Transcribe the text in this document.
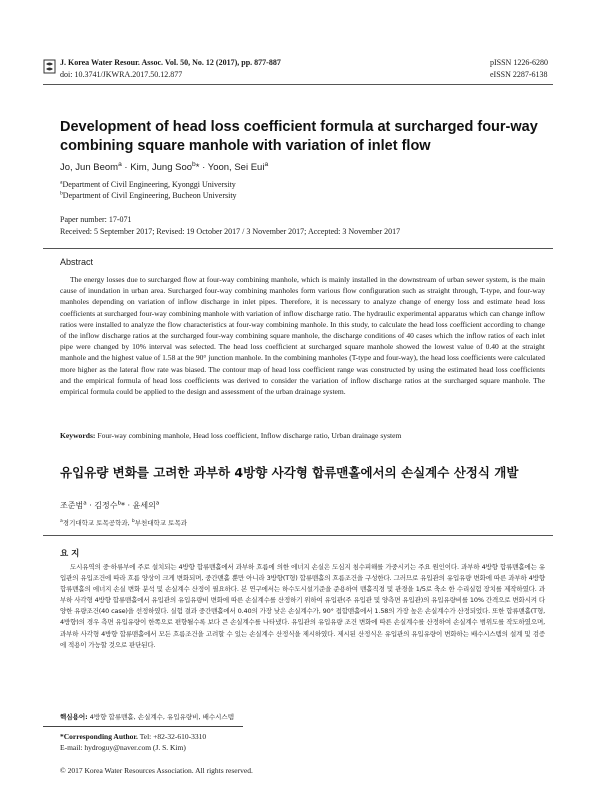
J. Korea Water Resour. Assoc. Vol. 50, No. 12 (2017), pp. 877-887
doi: 10.3741/JKWRA.2017.50.12.877
pISSN 1226-6280
eISSN 2287-6138
Development of head loss coefficient formula at surcharged four-way combining square manhole with variation of inlet flow
Jo, Jun Beom$^a$ · Kim, Jung Soo$^b$* · Yoon, Sei Eui$^a$
$^a$Department of Civil Engineering, Kyonggi University
$^b$Department of Civil Engineering, Bucheon University
Paper number: 17-071
Received: 5 September 2017; Revised: 19 October 2017 / 3 November 2017; Accepted: 3 November 2017
Abstract
The energy losses due to surcharged flow at four-way combining manhole, which is mainly installed in the downstream of urban sewer system, is the main cause of inundation in urban area. Surcharged four-way combining manholes form various flow configuration such as straight through, T-type, and four-way manholes depending on variation of inflow discharge in inlet pipes. Therefore, it is necessary to analyze change of energy loss and estimate head loss coefficients at surcharged four-way combining manhole with variation of inflow discharge ratio. The hydraulic experimental apparatus which can change inflow ratios were installed to analyze the flow characteristics at four-way combining manhole. In this study, to calculate the head loss coefficient according to change of the inflow discharge ratios at the surcharged four-way combining square manhole, the discharge conditions of 40 cases which the inflow ratios of each inlet pipe were changed by 10% interval was selected. The head loss coefficient at surcharged square manhole showed the lowest value of 0.40 at the straight manhole and the highest value of 1.58 at the 90° junction manhole. In the combining manholes (T-type and four-way), the head loss coefficients were calculated more higher as the lateral flow rate was biased. The contour map of head loss coefficient range was constructed by using the estimated head loss coefficients and the empirical formula of head loss coefficients was derived to consider the variation of inflow discharge ratios at the surcharged square manhole. The empirical formula could be applied to the design and assessment of the urban drainage system.
Keywords: Four-way combining manhole, Head loss coefficient, Inflow discharge ratio, Urban drainage system
유입유량 변화를 고려한 과부하 4방향 사각형 합류맨홀에서의 손실계수 산정식 개발
조준범$^a$ · 김정수$^b$* · 윤세의$^a$
$^a$경기대학교 토목공학과, $^b$부천대학교 토목과
요 지
도시유역의 중·하류부에 주로 설치되는 4방향 합류맨홀에서 과부하 흐름에 의한 에너지 손실은 도심지 침수피해를 가중시키는 주요 원인이다. 과부하 4방향 합류맨홀에는 유입관의 유입조건에 따라 흐름 양상이 크게 변화되며, 중간맨홀 뿐만 아니라 3방향(T형) 합류맨홀의 흐름조건을 구성한다. 그러므로 유입관의 유입유량 변화에 따른 과부하 4방향 합류맨홀의 에너지 손실 변화 분석 및 손실계수 산정이 필요하다. 본 연구에서는 하수도시설기준을 준용하여 맨홀직경 및 관경을 1/5로 축소 한 수리실험 장치를 제작하였다. 과부하 사각형 4방향 합류맨홀에서 유입관의 유입유량비 변화에 따른 손실계수를 산정하기 위하여 유입관(주 유입관 및 양측면 유입관)의 유입유량비를 10% 간격으로 변화시켜 다양한 유량조건(40 case)을 선정하였다. 실험 결과 중간맨홀에서 0.40의 가장 낮은 손실계수가, 90° 접합맨홀에서 1.58의 가장 높은 손실계수가 산정되었다. 또한 합류맨홀(T형, 4방향)의 경우 측면 유입유량이 한쪽으로 편향될수록 보다 큰 손실계수를 나타냈다. 유입관의 유입유량 조건 변화에 따른 손실계수를 산정하여 손실계수 범위도를 작도하였으며, 과부하 사각형 4방향 합류맨홀에서 모든 흐름조건을 고려할 수 있는 손실계수 산정식을 제시하였다. 제시된 산정식은 유입관의 유입유량이 변화하는 배수시스템의 설계 및 검증에 적용이 가능할 것으로 판단된다.
핵심용어: 4방향 합류맨홀, 손실계수, 유입유량비, 배수시스템
*Corresponding Author. Tel: +82-32-610-3310
E-mail: hydroguy@naver.com (J. S. Kim)
© 2017 Korea Water Resources Association. All rights reserved.
